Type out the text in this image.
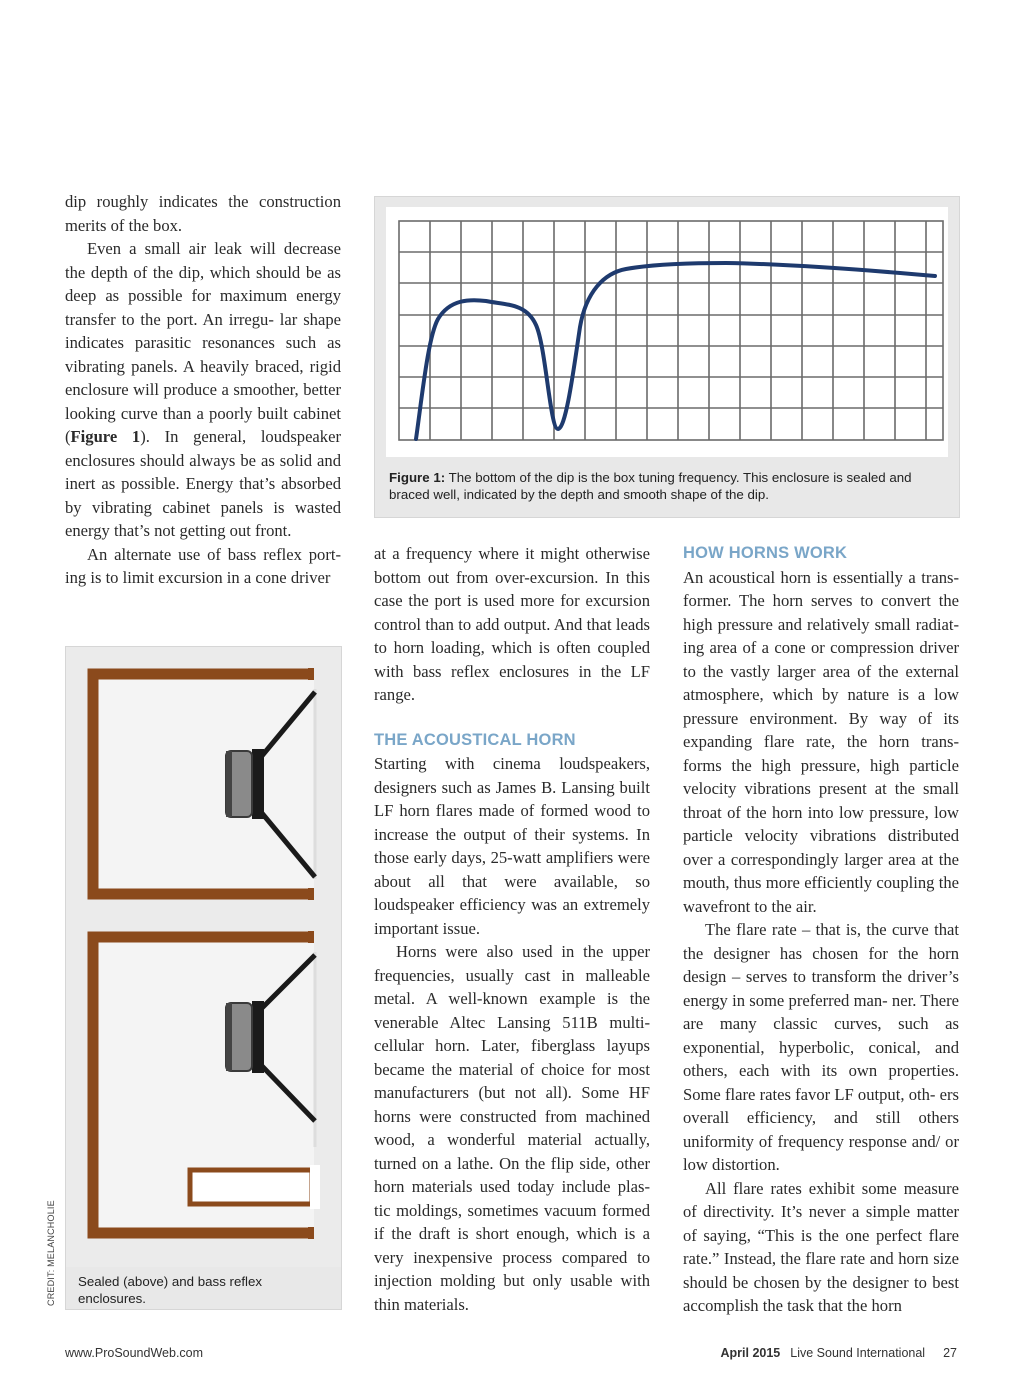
dip roughly indicates the construction merits of the box.

Even a small air leak will decrease the depth of the dip, which should be as deep as possible for maximum energy transfer to the port. An irregu- lar shape indicates parasitic resonances such as vibrating panels. A heavily braced, rigid enclosure will produce a smoother, better looking curve than a poorly built cabinet (Figure 1). In general, loudspeaker enclosures should always be as solid and inert as possible. Energy that’s absorbed by vibrating cabinet panels is wasted energy that’s not getting out front.

An alternate use of bass reflex port- ing is to limit excursion in a cone driver

Figure 1: The bottom of the dip is the box tuning frequency. This enclosure is sealed and braced well, indicated by the depth and smooth shape of the dip.

at a frequency where it might otherwise bottom out from over-excursion. In this case the port is used more for excursion control than to add output. And that leads to horn loading, which is often coupled with bass reflex enclosures in the LF range.

THE ACOUSTICAL HORN

Starting with cinema loudspeakers, designers such as James B. Lansing built LF horn flares made of formed wood to increase the output of their systems. In those early days, 25-watt amplifiers were about all that were available, so loudspeaker efficiency was an extremely important issue.

Horns were also used in the upper frequencies, usually cast in malleable metal. A well-known example is the venerable Altec Lansing 511B multi- cellular horn. Later, fiberglass layups became the material of choice for most manufacturers (but not all). Some HF horns were constructed from machined wood, a wonderful material actually, turned on a lathe. On the flip side, other horn materials used today include plas- tic moldings, sometimes vacuum formed if the draft is short enough, which is a very inexpensive process compared to injection molding but only usable with thin materials.

HOW HORNS WORK

An acoustical horn is essentially a trans- former. The horn serves to convert the high pressure and relatively small radiat- ing area of a cone or compression driver to the vastly larger area of the external atmosphere, which by nature is a low pressure environment. By way of its expanding flare rate, the horn trans- forms the high pressure, high particle velocity vibrations present at the small throat of the horn into low pressure, low particle velocity vibrations distributed over a correspondingly larger area at the mouth, thus more efficiently coupling the wavefront to the air.

The flare rate – that is, the curve that the designer has chosen for the horn design – serves to transform the driver’s energy in some preferred man- ner. There are many classic curves, such as exponential, hyperbolic, conical, and others, each with its own properties. Some flare rates favor LF output, oth- ers overall efficiency, and still others uniformity of frequency response and/ or low distortion.

All flare rates exhibit some measure of directivity. It’s never a simple matter of saying, “This is the one perfect flare rate.” Instead, the flare rate and horn size should be chosen by the designer to best accomplish the task that the horn

Sealed (above) and bass reflex enclosures.
CREDIT: MELANCHOLIE
www.ProSoundWeb.com	April 2015 Live Sound International 27
